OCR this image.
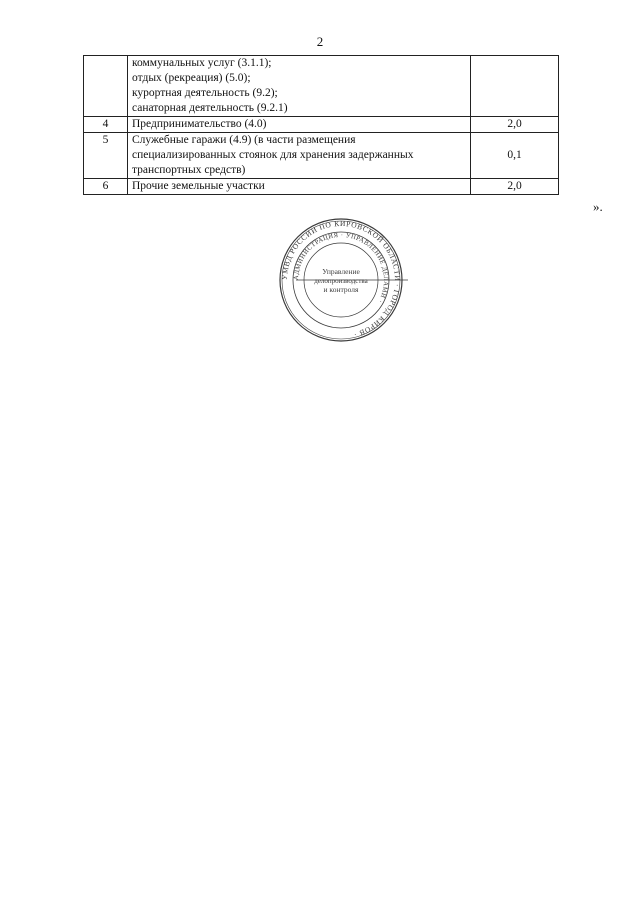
2

	коммунальных услуг (3.1.1);
отдых (рекреация) (5.0);
курортная деятельность (9.2);
санаторная деятельность (9.2.1)	

4	Предпринимательство (4.0)	2,0
5	Служебные гаражи (4.9) (в части размещения
специализированных стоянок для хранения задержанных
транспортных средств)	0,1
6	Прочие земельные участки	2,0
».
УМВД РОССИИ ПО КИРОВСКОЙ ОБЛАСТИ · ГОРОД КИРОВ ·
АДМИНИСТРАЦИЯ · УПРАВЛЕНИЕ ДЕЛАМИ ·
Управление
делопроизводства
и контроля
